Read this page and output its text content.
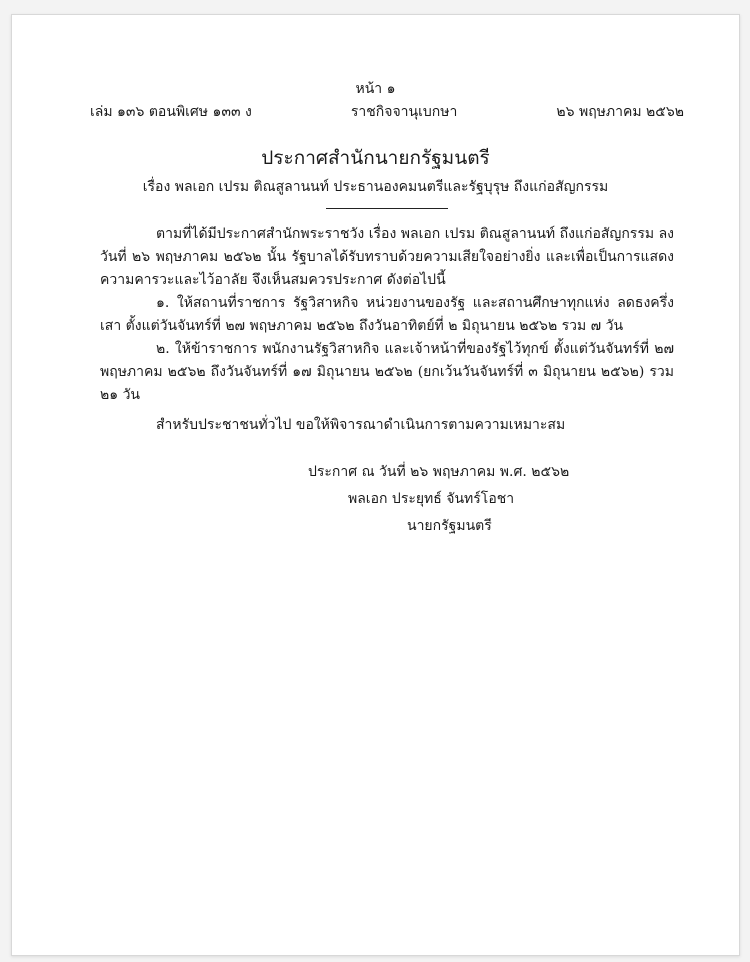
หน้า ๑
เล่ม ๑๓๖ ตอนพิเศษ ๑๓๓ ง	ราชกิจจานุเบกษา	๒๖ พฤษภาคม ๒๕๖๒
ประกาศสำนักนายกรัฐมนตรี
เรื่อง พลเอก เปรม ติณสูลานนท์ ประธานองคมนตรีและรัฐบุรุษ ถึงแก่อสัญกรรม
ตามที่ได้มีประกาศสำนักพระราชวัง เรื่อง พลเอก เปรม ติณสูลานนท์ ถึงแก่อสัญกรรม ลงวันที่ ๒๖ พฤษภาคม ๒๕๖๒ นั้น รัฐบาลได้รับทราบด้วยความเสียใจอย่างยิ่ง และเพื่อเป็นการแสดงความคารวะและไว้อาลัย จึงเห็นสมควรประกาศ ดังต่อไปนี้
๑. ให้สถานที่ราชการ รัฐวิสาหกิจ หน่วยงานของรัฐ และสถานศึกษาทุกแห่ง ลดธงครึ่งเสา ตั้งแต่วันจันทร์ที่ ๒๗ พฤษภาคม ๒๕๖๒ ถึงวันอาทิตย์ที่ ๒ มิถุนายน ๒๕๖๒ รวม ๗ วัน
๒. ให้ข้าราชการ พนักงานรัฐวิสาหกิจ และเจ้าหน้าที่ของรัฐไว้ทุกข์ ตั้งแต่วันจันทร์ที่ ๒๗ พฤษภาคม ๒๕๖๒ ถึงวันจันทร์ที่ ๑๗ มิถุนายน ๒๕๖๒ (ยกเว้นวันจันทร์ที่ ๓ มิถุนายน ๒๕๖๒) รวม ๒๑ วัน
สำหรับประชาชนทั่วไป ขอให้พิจารณาดำเนินการตามความเหมาะสม
ประกาศ ณ วันที่ ๒๖ พฤษภาคม พ.ศ. ๒๕๖๒
พลเอก ประยุทธ์ จันทร์โอชา
นายกรัฐมนตรี
